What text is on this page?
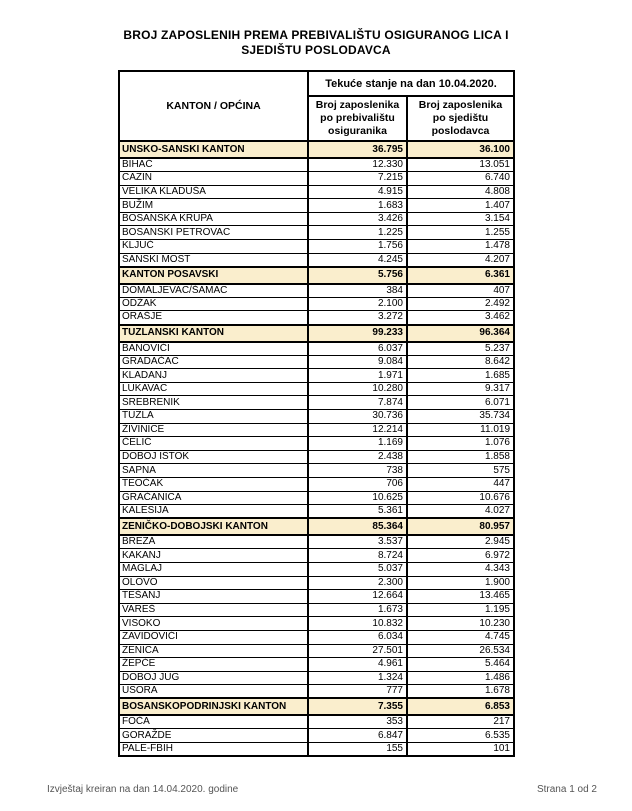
BROJ ZAPOSLENIH PREMA PREBIVALIŠTU OSIGURANOG LICA I
SJEDIŠTU POSLODAVCA
KANTON / OPĆINA	Tekuće stanje na dan 10.04.2020.	
	Broj zaposlenika po prebivalištu osiguranika	Broj zaposlenika po sjedištu poslodavca
UNSKO-SANSKI KANTON	36.795	36.100
BIHAĆ	12.330	13.051
CAZIN	7.215	6.740
VELIKA KLADUŠA	4.915	4.808
BUŽIM	1.683	1.407
BOSANSKA KRUPA	3.426	3.154
BOSANSKI PETROVAC	1.225	1.255
KLJUČ	1.756	1.478
SANSKI MOST	4.245	4.207
KANTON POSAVSKI	5.756	6.361
DOMALJEVAC/ŠAMAC	384	407
ODŽAK	2.100	2.492
ORAŠJE	3.272	3.462
TUZLANSKI KANTON	99.233	96.364
BANOVIĆI	6.037	5.237
GRADAČAC	9.084	8.642
KLADANJ	1.971	1.685
LUKAVAC	10.280	9.317
SREBRENIK	7.874	6.071
TUZLA	30.736	35.734
ŽIVINICE	12.214	11.019
ČELIĆ	1.169	1.076
DOBOJ ISTOK	2.438	1.858
SAPNA	738	575
TEOČAK	706	447
GRAČANICA	10.625	10.676
KALESIJA	5.361	4.027
ZENIČKO-DOBOJSKI KANTON	85.364	80.957
BREZA	3.537	2.945
KAKANJ	8.724	6.972
MAGLAJ	5.037	4.343
OLOVO	2.300	1.900
TEŠANJ	12.664	13.465
VAREŠ	1.673	1.195
VISOKO	10.832	10.230
ZAVIDOVIĆI	6.034	4.745
ZENICA	27.501	26.534
ŽEPČE	4.961	5.464
DOBOJ JUG	1.324	1.486
USORA	777	1.678
BOSANSKOPODRINJSKI KANTON	7.355	6.853
FOČA	353	217
GORAŽDE	6.847	6.535
PALE-FBIH	155	101
Izvještaj kreiran na dan 14.04.2020. godine	Strana 1 od 2
